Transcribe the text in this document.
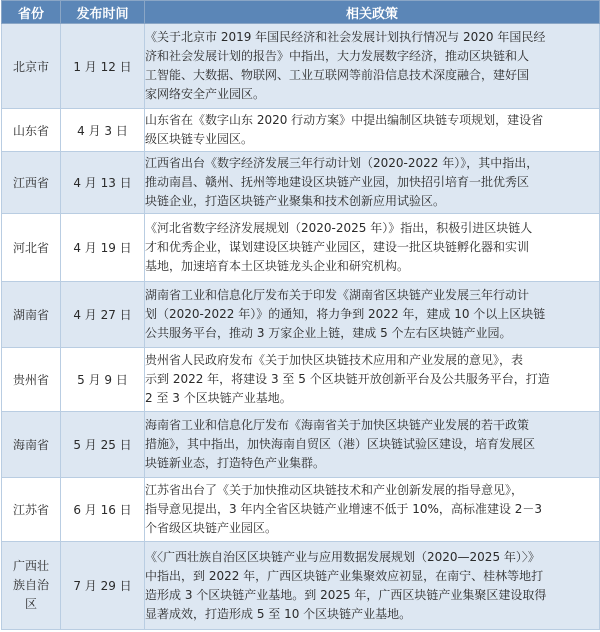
省份	发布时间	相关政策
北京市	1 月 12 日	《关于北京市 2019 年国民经济和社会发展计划执行情况与 2020 年国民经
济和社会发展计划的报告》中指出，大力发展数字经济，推动区块链和人
工智能、大数据、物联网、工业互联网等前沿信息技术深度融合，建好国
家网络安全产业园区。

山东省	4 月 3 日	山东省在《数字山东 2020 行动方案》中提出编制区块链专项规划，建设省
级区块链专业园区。

江西省	4 月 13 日	江西省出台《数字经济发展三年行动计划（2020-2022 年）》，其中指出，
推动南昌、赣州、抚州等地建设区块链产业园，加快招引培育一批优秀区
块链企业，打造区块链产业聚集和技术创新应用试验区。

河北省	4 月 19 日	《河北省数字经济发展规划（2020-2025 年）》指出，积极引进区块链人
才和优秀企业，谋划建设区块链产业园区，建设一批区块链孵化器和实训
基地，加速培育本土区块链龙头企业和研究机构。

湖南省	4 月 27 日	湖南省工业和信息化厅发布关于印发《湖南省区块链产业发展三年行动计
划（2020-2022 年）》的通知，将力争到 2022 年，建成 10 个以上区块链
公共服务平台，推动 3 万家企业上链，建成 5 个左右区块链产业园。

贵州省	5 月 9 日	贵州省人民政府发布《关于加快区块链技术应用和产业发展的意见》，表
示到 2022 年，将建设 3 至 5 个区块链开放创新平台及公共服务平台，打造
2 至 3 个区块链产业基地。

海南省	5 月 25 日	海南省工业和信息化厅发布《海南省关于加快区块链产业发展的若干政策
措施》，其中指出，加快海南自贸区（港）区块链试验区建设，培育发展区
块链新业态，打造特色产业集群。

江苏省	6 月 16 日	江苏省出台了《关于加快推动区块链技术和产业创新发展的指导意见》，
指导意见提出，3 年内全省区块链产业增速不低于 10%，高标准建设 2－3
个省级区块链产业园区。

广西壮族自治区	7 月 29 日	《〈广西壮族自治区区块链产业与应用数据发展规划（2020—2025 年）〉》
中指出，到 2022 年，广西区块链产业集聚效应初显，在南宁、桂林等地打
造形成 3 个区块链产业基地。到 2025 年，广西区块链产业集聚区建设取得
显著成效，打造形成 5 至 10 个区块链产业基地。
